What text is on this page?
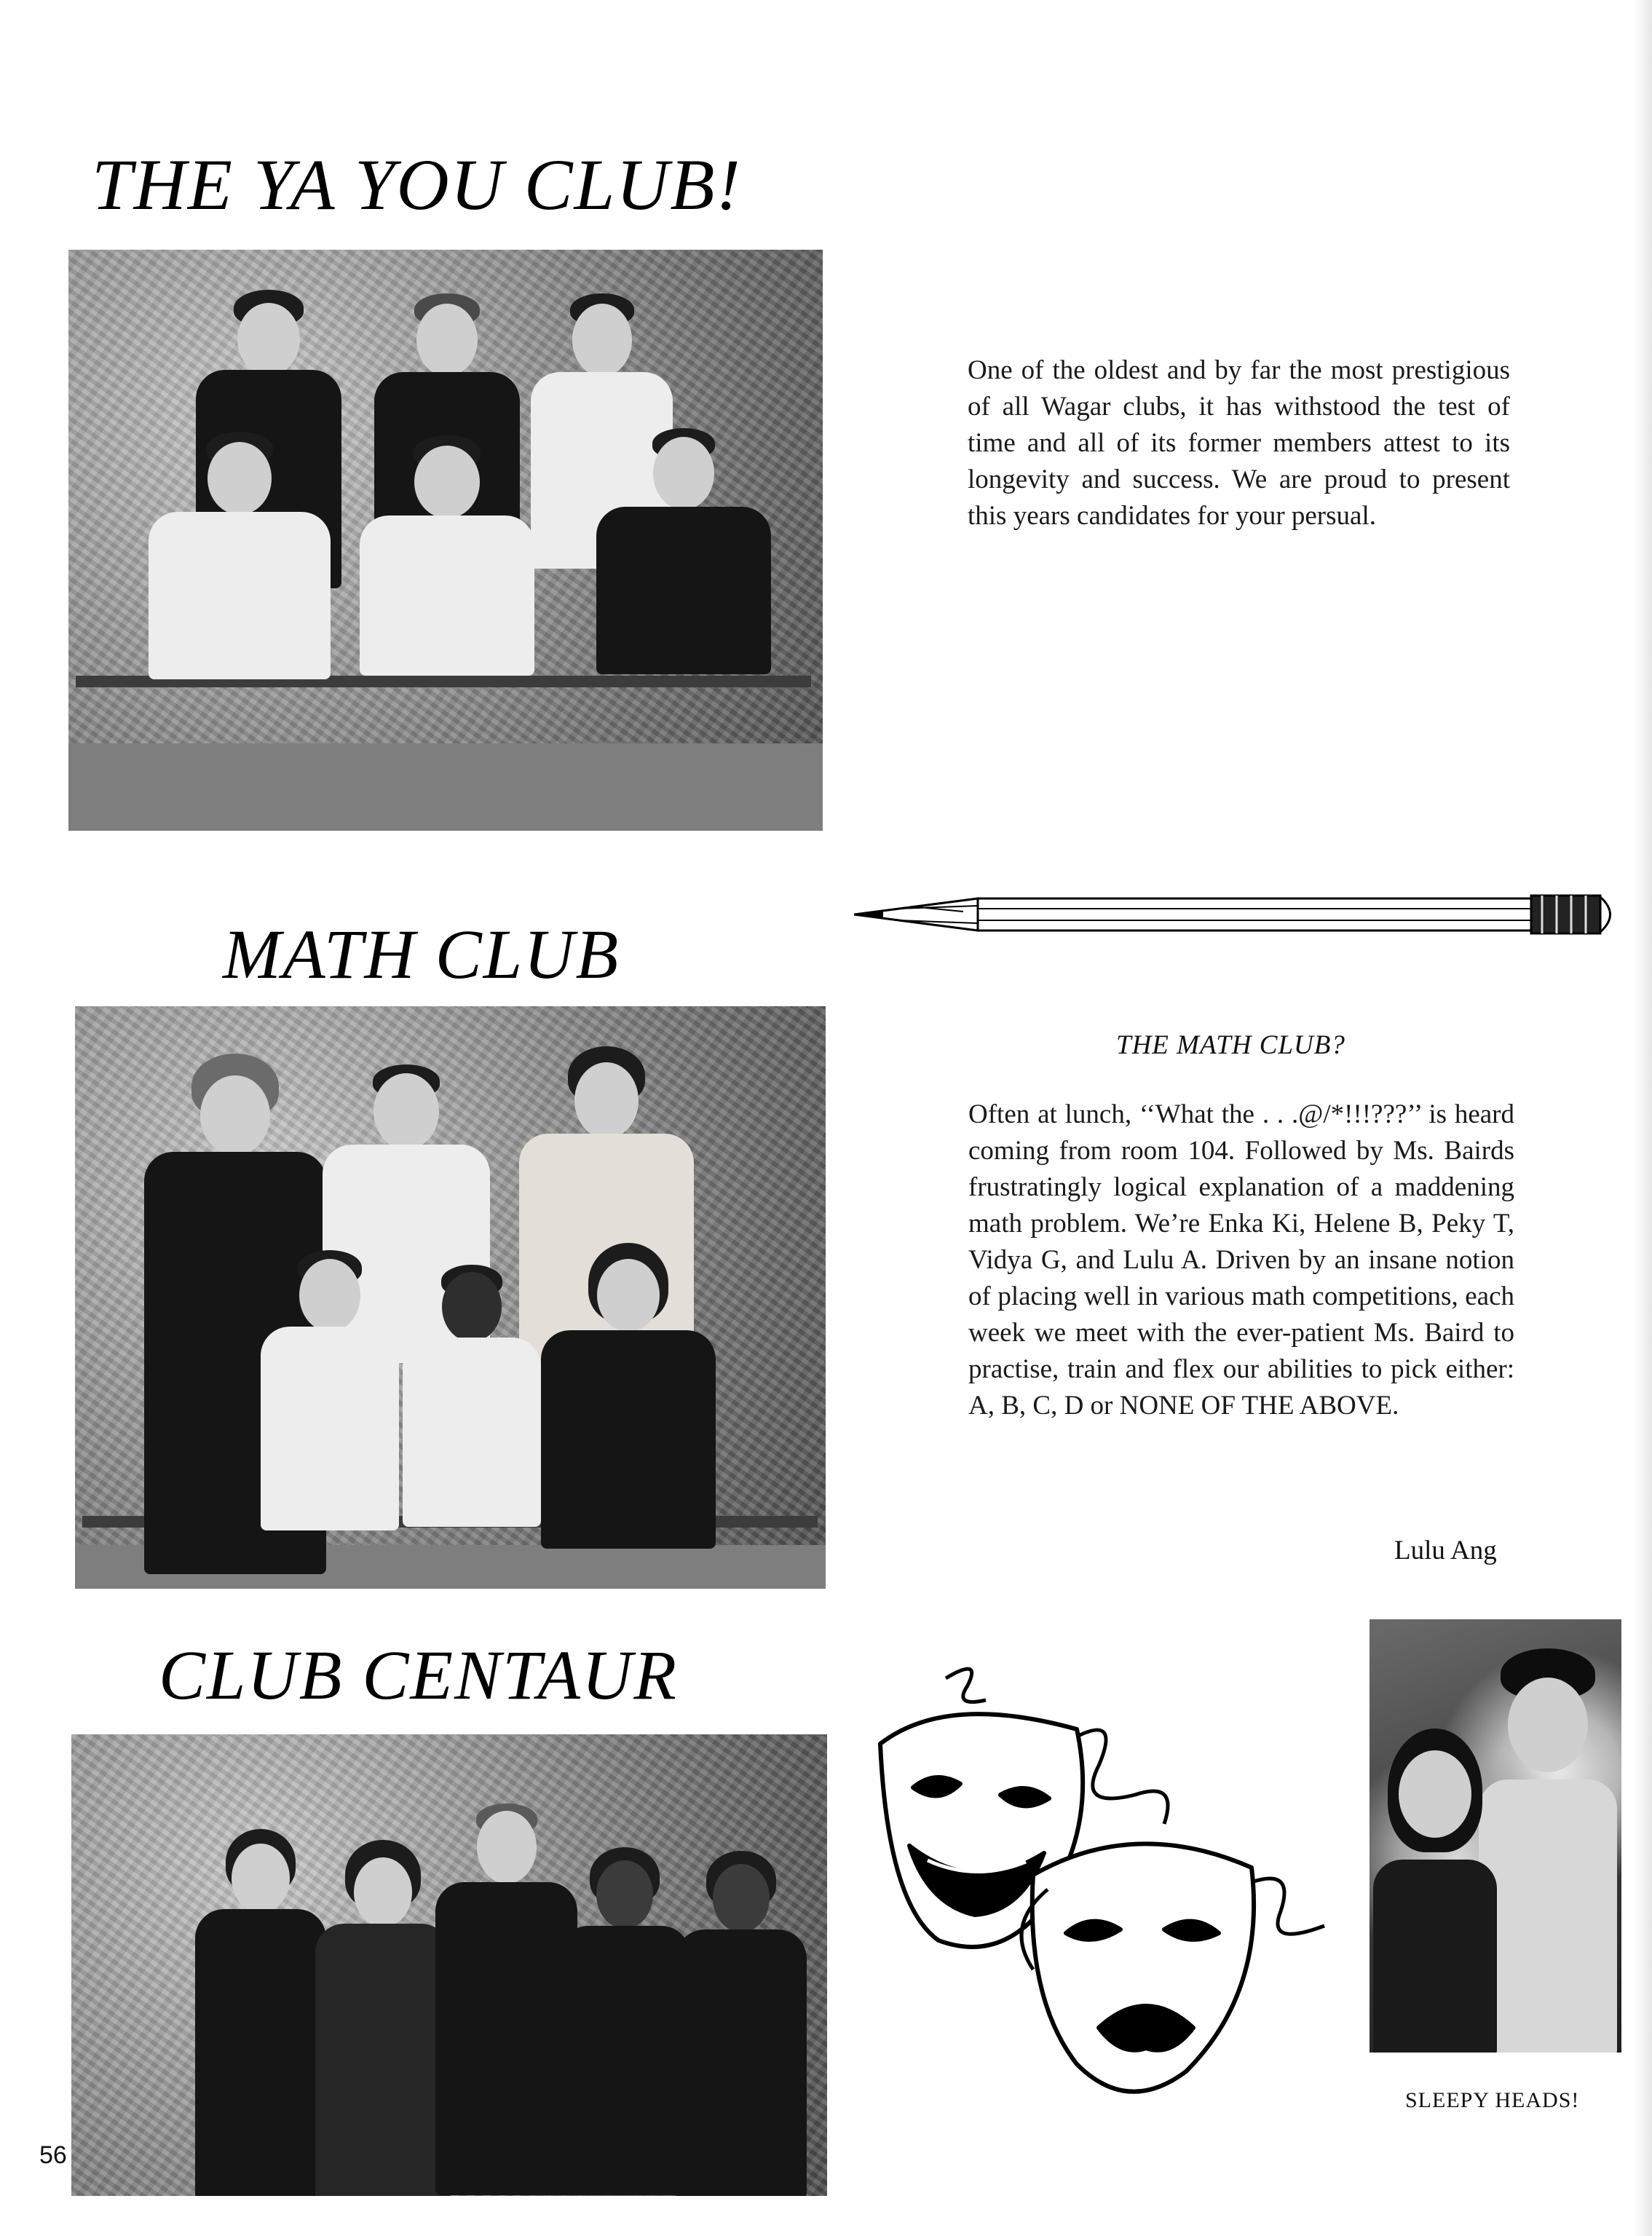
THE YA YOU CLUB!

One of the oldest and by far the most prestigious of all Wagar clubs, it has withstood the test of time and all of its former members attest to its longevity and success. We are proud to present this years candidates for your persual.

MATH CLUB
THE MATH CLUB?

Often at lunch, ‘‘What the . . .@/*!!!???’’ is heard coming from room 104. Followed by Ms. Bairds frustratingly logical explanation of a maddening math problem. We’re Enka Ki, Helene B, Peky T, Vidya G, and Lulu A. Driven by an insane notion of placing well in various math competitions, each week we meet with the ever-patient Ms. Baird to practise, train and flex our abilities to pick either: A, B, C, D or NONE OF THE ABOVE.

Lulu Ang
CLUB CENTAUR
SLEEPY HEADS!
56
